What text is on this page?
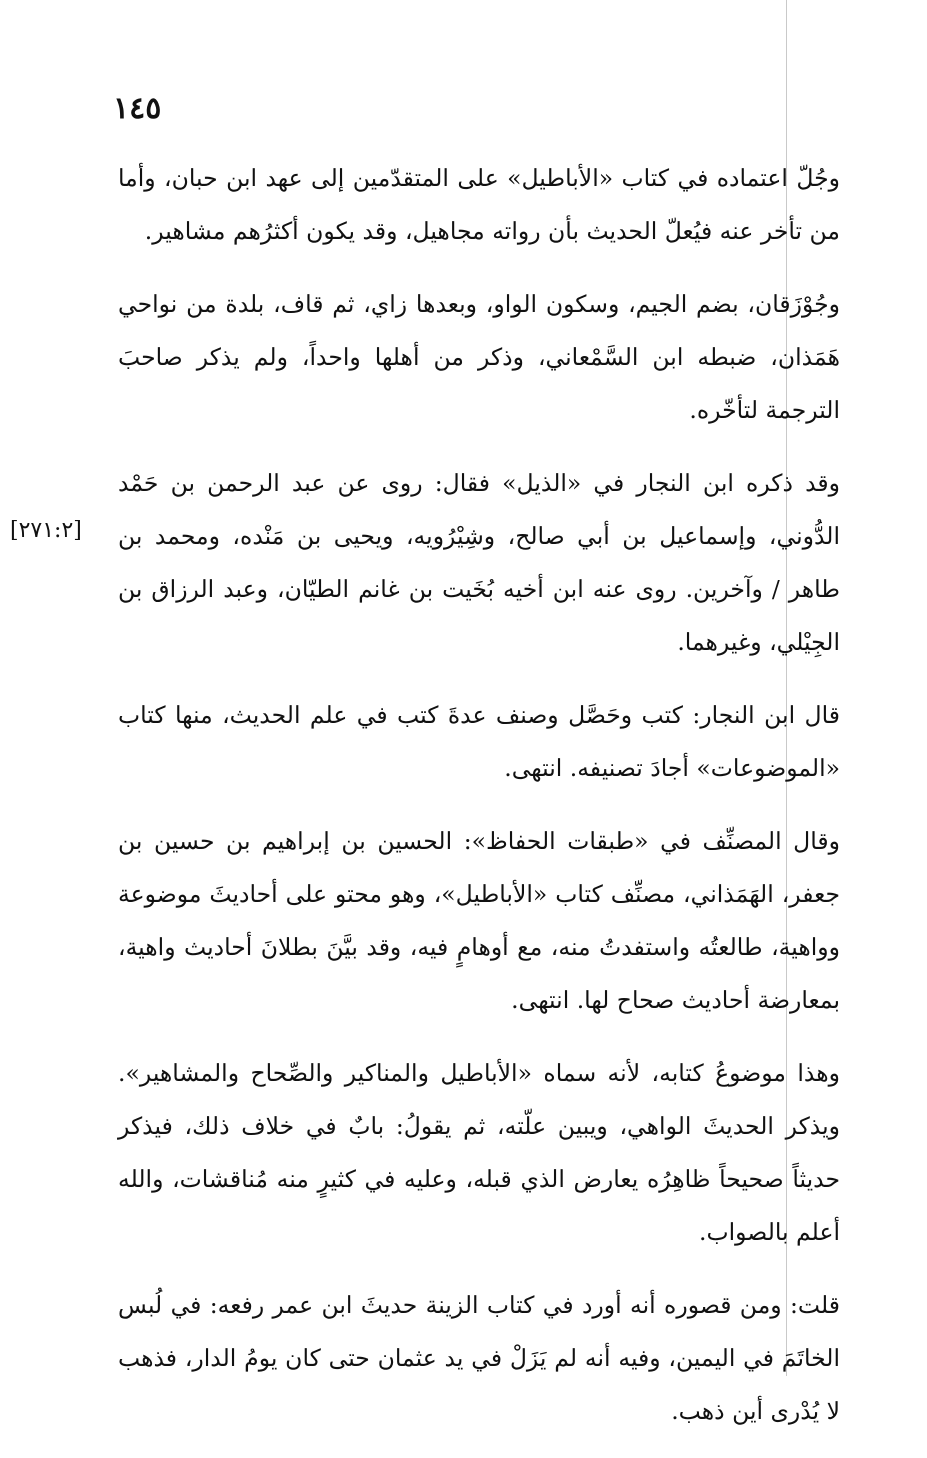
١٤٥
[٢٧١:٢]

وجُلّ اعتماده في كتاب «الأباطيل» على المتقدّمين إلى عهد ابن حبان، وأما من تأخر عنه فيُعلّ الحديث بأن رواته مجاهيل، وقد يكون أكثرُهم مشاهير.

وجُوْزَقان، بضم الجيم، وسكون الواو، وبعدها زاي، ثم قاف، بلدة من نواحي هَمَذان، ضبطه ابن السَّمْعاني، وذكر من أهلها واحداً، ولم يذكر صاحبَ الترجمة لتأخّره.

وقد ذكره ابن النجار في «الذيل» فقال: روى عن عبد الرحمن بن حَمْد الدُّوني، وإسماعيل بن أبي صالح، وشِيْرُويه، ويحيى بن مَنْده، ومحمد بن طاهر / وآخرين. روى عنه ابن أخيه بُخَيت بن غانم الطيّان، وعبد الرزاق بن الجِيْلي، وغيرهما.

قال ابن النجار: كتب وحَصَّل وصنف عدةَ كتب في علم الحديث، منها كتاب «الموضوعات» أجادَ تصنيفه. انتهى.

وقال المصنِّف في «طبقات الحفاظ»: الحسين بن إبراهيم بن حسين بن جعفر، الهَمَذاني، مصنِّف كتاب «الأباطيل»، وهو محتو على أحاديثَ موضوعة وواهية، طالعتُه واستفدتُ منه، مع أوهامٍ فيه، وقد بيَّنَ بطلانَ أحاديث واهية، بمعارضة أحاديث صحاح لها. انتهى.

وهذا موضوعُ كتابه، لأنه سماه «الأباطيل والمناكير والصِّحاح والمشاهير». ويذكر الحديثَ الواهي، ويبين علّته، ثم يقولُ: بابٌ في خلاف ذلك، فيذكر حديثاً صحيحاً ظاهِرُه يعارض الذي قبله، وعليه في كثيرٍ منه مُناقشات، والله أعلم بالصواب.

قلت: ومن قصوره أنه أورد في كتاب الزينة حديثَ ابن عمر رفعه: في لُبس الخاتَمَ في اليمين، وفيه أنه لم يَزَلْ في يد عثمان حتى كان يومُ الدار، فذهب لا يُدْرى أين ذهب.
